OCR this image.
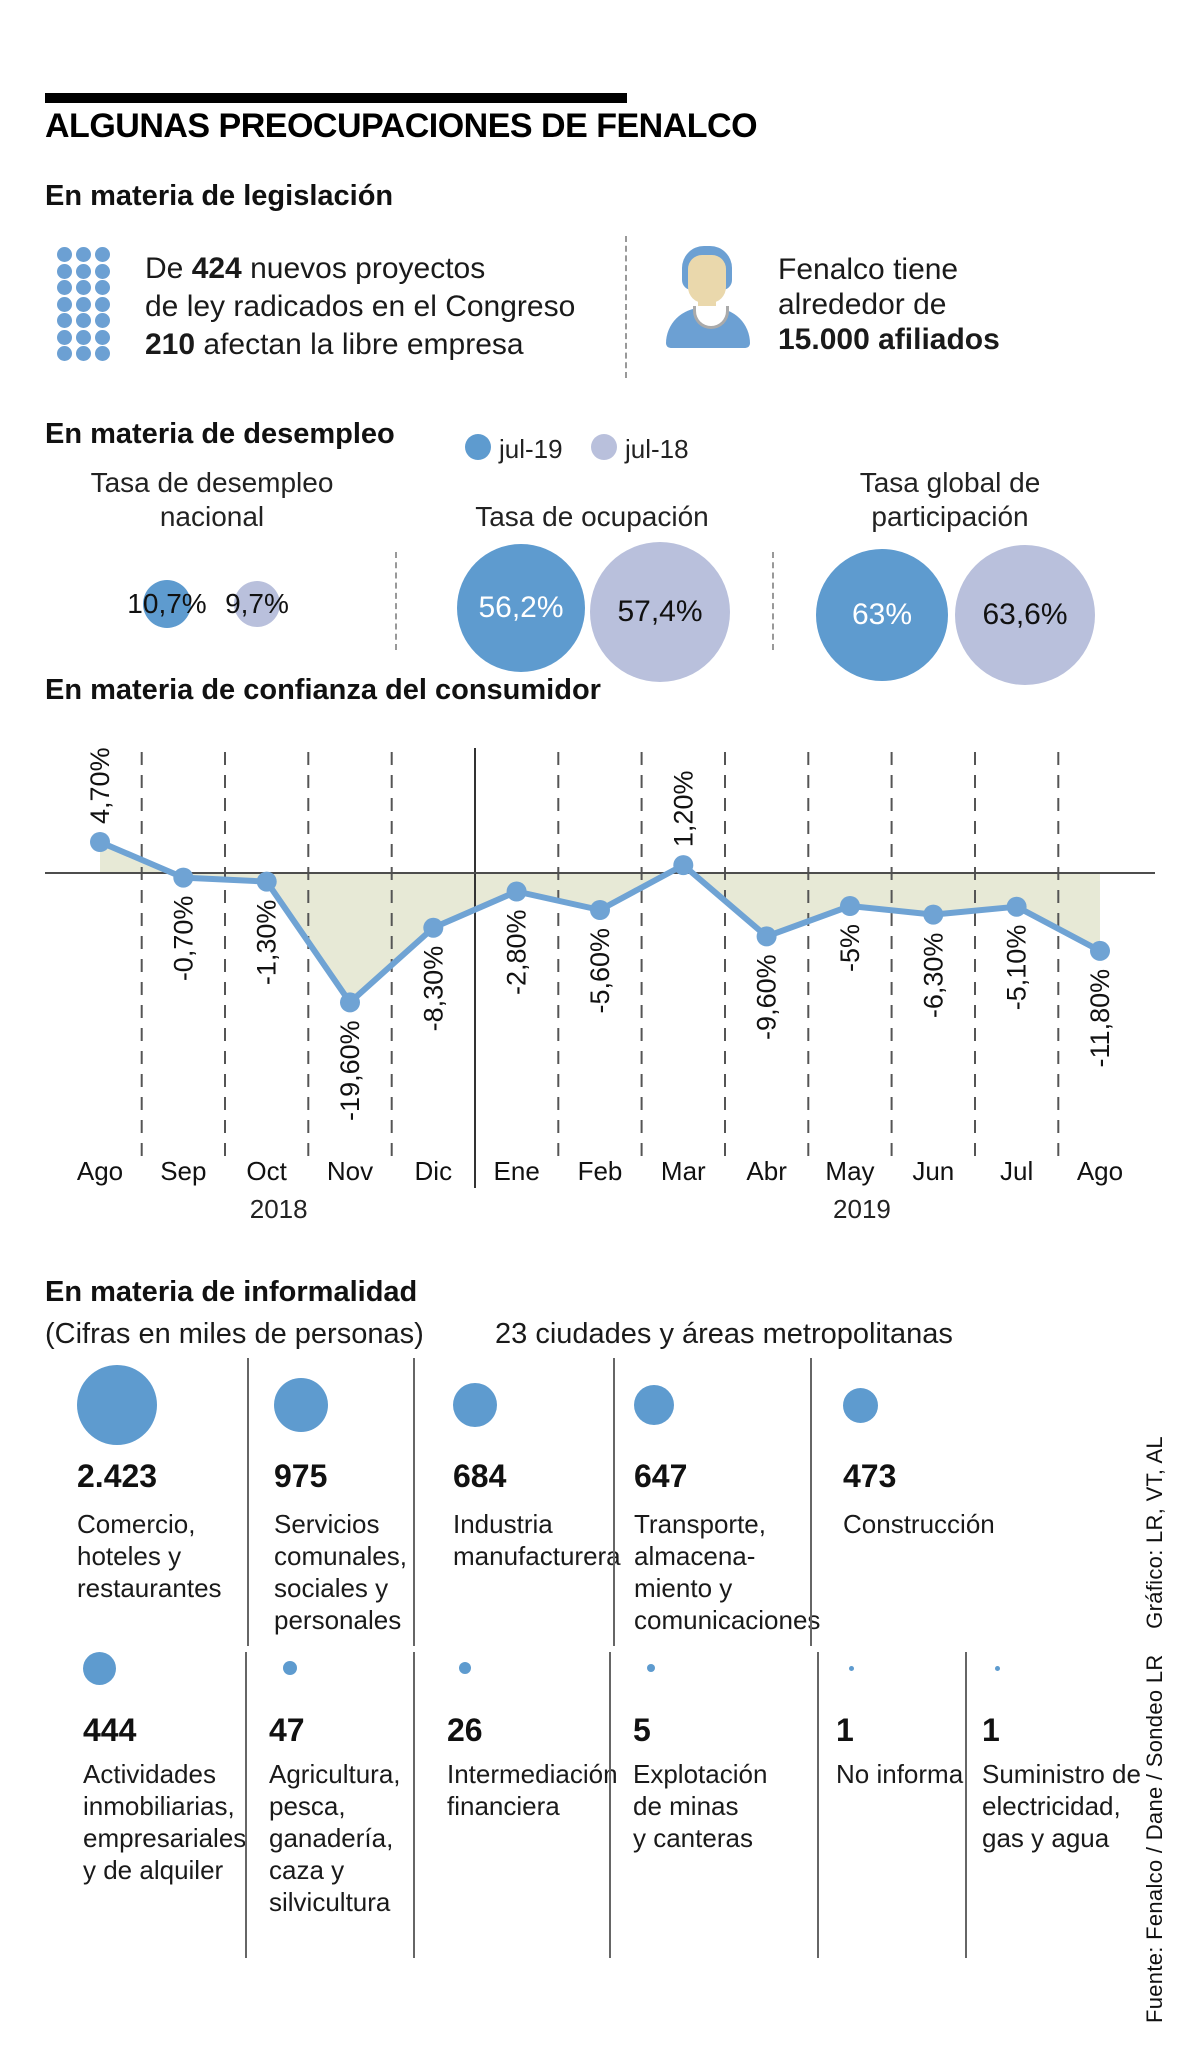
ALGUNAS PREOCUPACIONES DE FENALCO
En materia de legislación
De 424 nuevos proyectos
de ley radicados en el Congreso
210 afectan la libre empresa
Fenalco tiene
alrededor de
15.000 afiliados
En materia de desempleo	jul-19 jul-18
Tasa de desempleo
nacional	Tasa de ocupación
Tasa global de
participación
10,7% 9,7%	56,2%	57,4%	63%	63,6%
En materia de confianza del consumidor
4,70%
-0,70% -1,30%
-19,60%
-8,30% -2,80% -5,60%
1,20%
-9,60%
-5% -6,30% -5,10%
-11,80%
Ago Sep Oct Nov Dic Ene Feb Mar Abr May Jun Jul Ago
2018	2019
En materia de informalidad
(Cifras en miles de personas) 23 ciudades y áreas metropolitanas
2.423
Comercio,
hoteles y
restaurantes
975
Servicios
comunales,
sociales y
personales
684
Industria
manufacturera
647
Transporte,
almacena-
miento y
comunicaciones
473
Construcción
444
Actividades
inmobiliarias,
empresariales
y de alquiler
47
Agricultura,
pesca,
ganadería,
caza y
silvicultura
26
Intermediación
financiera
5
Explotación
de minas
y canteras
1
No informa
1
Suministro de
electricidad,
gas y agua Fuente: Fenalco / Dane / Sondeo LR    Gráfico: LR, VT, AL
